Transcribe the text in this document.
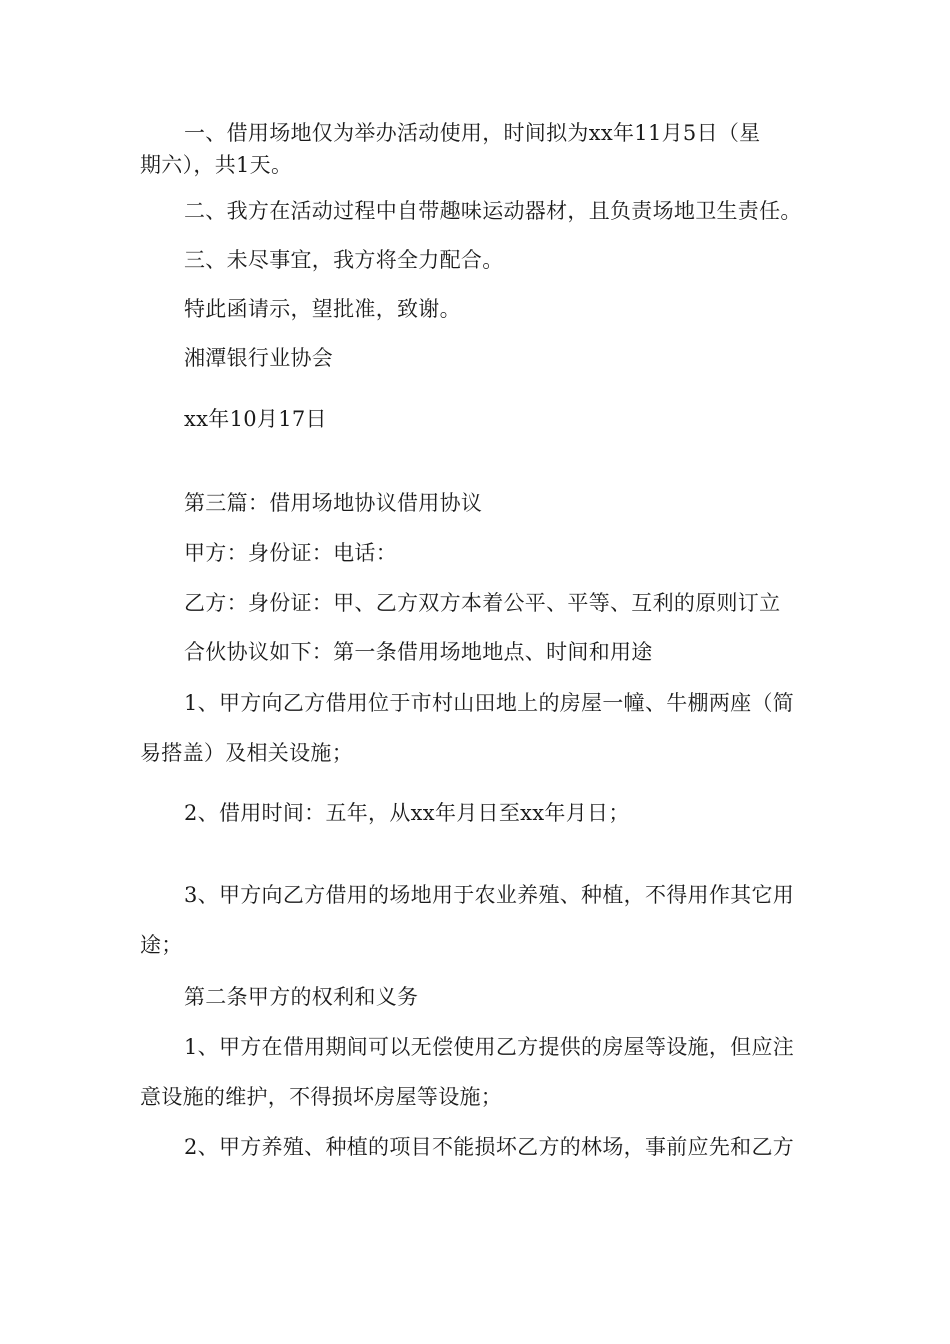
一、借用场地仅为举办活动使用，时间拟为xx年11月5日（星
期六），共1天。
二、我方在活动过程中自带趣味运动器材，且负责场地卫生责任。
三、未尽事宜，我方将全力配合。
特此函请示，望批准，致谢。
湘潭银行业协会
xx年10月17日
第三篇：借用场地协议借用协议
甲方：身份证：电话：
乙方：身份证：甲、乙方双方本着公平、平等、互利的原则订立
合伙协议如下：第一条借用场地地点、时间和用途
1、甲方向乙方借用位于市村山田地上的房屋一幢、牛棚两座（简
易搭盖）及相关设施；
2、借用时间：五年，从xx年月日至xx年月日；
3、甲方向乙方借用的场地用于农业养殖、种植，不得用作其它用
途；
第二条甲方的权利和义务
1、甲方在借用期间可以无偿使用乙方提供的房屋等设施，但应注
意设施的维护，不得损坏房屋等设施；
2、甲方养殖、种植的项目不能损坏乙方的林场，事前应先和乙方
